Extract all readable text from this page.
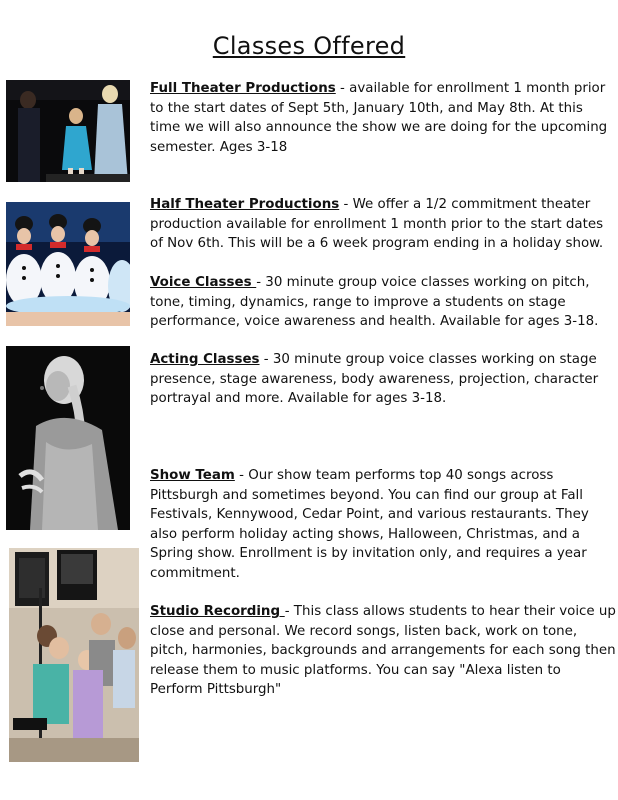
Classes Offered

Full Theater Productions - available for enrollment 1 month prior to the start dates of Sept 5th, January 10th, and May 8th. At this time we will also announce the show we are doing for the upcoming semester. Ages 3-18

Half Theater Productions - We offer a 1/2 commitment theater production available for enrollment 1 month prior to the start dates of Nov 6th. This will be a 6 week program ending in a holiday show.

Voice Classes - 30 minute group voice classes working on pitch, tone, timing, dynamics, range to improve a students on stage performance, voice awareness and health. Available for ages 3-18.

Acting Classes - 30 minute group voice classes working on stage presence, stage awareness, body awareness, projection, character portrayal and more. Available for ages 3-18.

Show Team - Our show team performs top 40 songs across Pittsburgh and sometimes beyond. You can find our group at Fall Festivals, Kennywood, Cedar Point, and various restaurants. They also perform holiday acting shows, Halloween, Christmas, and a Spring show. Enrollment is by invitation only, and requires a year commitment.

Studio Recording - This class allows students to hear their voice up close and personal. We record songs, listen back, work on tone, pitch, harmonies, backgrounds and arrangements for each song then release them to music platforms. You can say "Alexa listen to Perform Pittsburgh"
